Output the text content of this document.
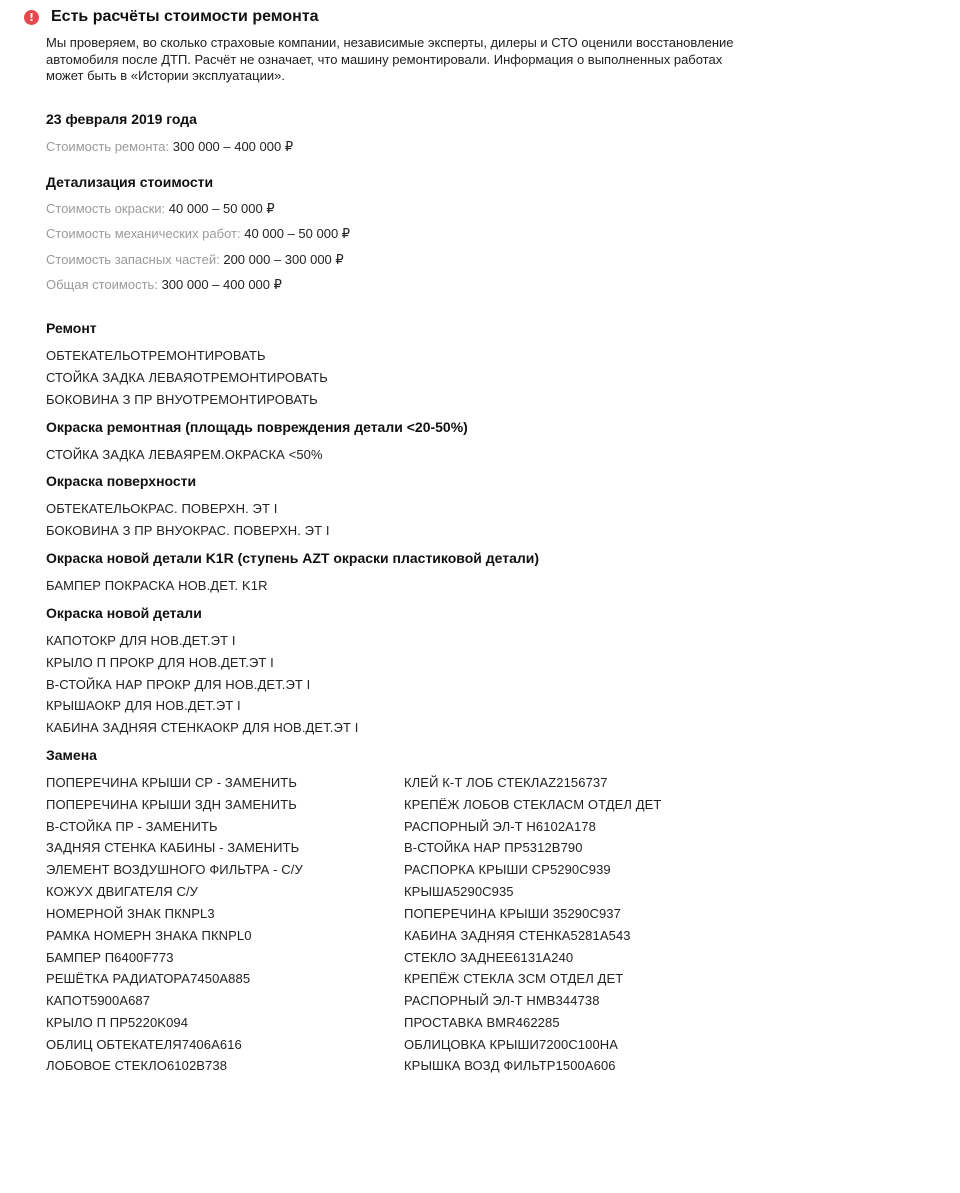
!	Есть расчёты стоимости ремонта
Мы проверяем, во сколько страховые компании, независимые эксперты, дилеры и СТО оценили восстановление автомобиля после ДТП. Расчёт не означает, что машину ремонтировали. Информация о выполненных работах может быть в «Истории эксплуатации».
23 февраля 2019 года
Стоимость ремонта: 300 000 – 400 000 ₽
Детализация стоимости
Стоимость окраски: 40 000 – 50 000 ₽
Стоимость механических работ: 40 000 – 50 000 ₽
Стоимость запасных частей: 200 000 – 300 000 ₽
Общая стоимость: 300 000 – 400 000 ₽
Ремонт
ОБТЕКАТЕЛЬОТРЕМОНТИРОВАТЬ
СТОЙКА ЗАДКА ЛЕВАЯОТРЕМОНТИРОВАТЬ
БОКОВИНА З ПР ВНУОТРЕМОНТИРОВАТЬ
Окраска ремонтная (площадь повреждения детали <20-50%)
СТОЙКА ЗАДКА ЛЕВАЯРЕМ.ОКРАСКА <50%
Окраска поверхности
ОБТЕКАТЕЛЬОКРАС. ПОВЕРХН. ЭТ I
БОКОВИНА З ПР ВНУОКРАС. ПОВЕРХН. ЭТ I
Окраска новой детали K1R (ступень AZT окраски пластиковой детали)
БАМПЕР ПОКРАСКА НОВ.ДЕТ. K1R
Окраска новой детали
КАПОТОКР ДЛЯ НОВ.ДЕТ.ЭТ I
КРЫЛО П ПРОКР ДЛЯ НОВ.ДЕТ.ЭТ I
В-СТОЙКА НАР ПРОКР ДЛЯ НОВ.ДЕТ.ЭТ I
КРЫШАОКР ДЛЯ НОВ.ДЕТ.ЭТ I
КАБИНА ЗАДНЯЯ СТЕНКАОКР ДЛЯ НОВ.ДЕТ.ЭТ I
Замена
ПОПЕРЕЧИНА КРЫШИ СР - ЗАМЕНИТЬ
ПОПЕРЕЧИНА КРЫШИ ЗДН ЗАМЕНИТЬ
В-СТОЙКА ПР - ЗАМЕНИТЬ
ЗАДНЯЯ СТЕНКА КАБИНЫ - ЗАМЕНИТЬ
ЭЛЕМЕНТ ВОЗДУШНОГО ФИЛЬТРА - С/У
КОЖУХ ДВИГАТЕЛЯ С/У
НОМЕРНОЙ ЗНАК ПКNPL3
РАМКА НОМЕРН ЗНАКА ПКNPL0
БАМПЕР П6400F773
РЕШЁТКА РАДИАТОРА7450A885
КАПОТ5900A687
КРЫЛО П ПР5220K094
ОБЛИЦ ОБТЕКАТЕЛЯ7406A616
ЛОБОВОЕ СТЕКЛО6102B738
КЛЕЙ К-Т ЛОБ СТЕКЛАZ2156737
КРЕПЁЖ ЛОБОВ СТЕКЛАСМ ОТДЕЛ ДЕТ
РАСПОРНЫЙ ЭЛ-Т Н6102A178
В-СТОЙКА НАР ПР5312B790
РАСПОРКА КРЫШИ СР5290C939
КРЫША5290C935
ПОПЕРЕЧИНА КРЫШИ 35290C937
КАБИНА ЗАДНЯЯ СТЕНКА5281A543
СТЕКЛО ЗАДНЕЕ6131A240
КРЕПЁЖ СТЕКЛА ЗСМ ОТДЕЛ ДЕТ
РАСПОРНЫЙ ЭЛ-Т HMB344738
ПРОСТАВКА BMR462285
ОБЛИЦОВКА КРЫШИ7200C100HA
КРЫШКА ВОЗД ФИЛЬТР1500A606
